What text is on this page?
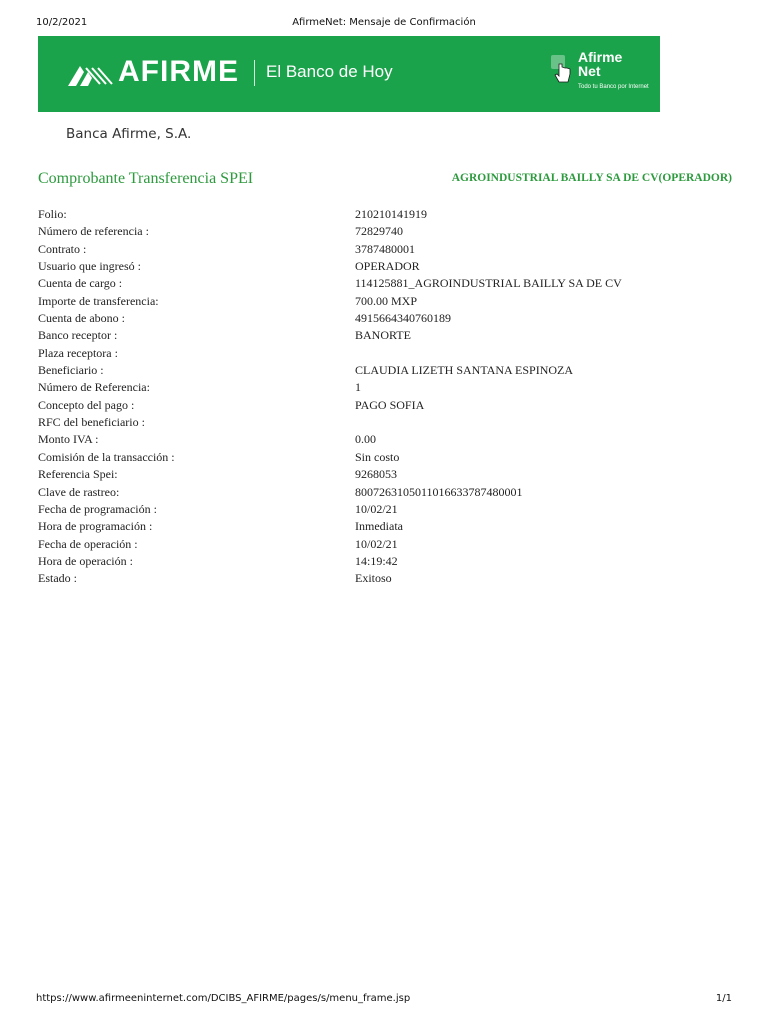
10/2/2021	AfirmeNet: Mensaje de Confirmación
AFIRME El Banco de Hoy
Afirme
Net
Todo tu Banco por Internet
Banca Afirme, S.A.
Comprobante Transferencia SPEI	AGROINDUSTRIAL BAILLY SA DE CV(OPERADOR)
Folio:	210210141919
Número de referencia :	72829740
Contrato :	3787480001
Usuario que ingresó :	OPERADOR
Cuenta de cargo :	114125881_AGROINDUSTRIAL BAILLY SA DE CV
Importe de transferencia:	700.00 MXP
Cuenta de abono :	4915664340760189
Banco receptor :	BANORTE
Plaza receptora :
Beneficiario :	CLAUDIA LIZETH SANTANA ESPINOZA
Número de Referencia:	1
Concepto del pago :	PAGO SOFIA
RFC del beneficiario :
Monto IVA :	0.00
Comisión de la transacción :	Sin costo
Referencia Spei:	9268053
Clave de rastreo:	8007263105011016633787480001
Fecha de programación :	10/02/21
Hora de programación :	Inmediata
Fecha de operación :	10/02/21
Hora de operación :	14:19:42
Estado :	Exitoso
https://www.afirmeeninternet.com/DCIBS_AFIRME/pages/s/menu_frame.jsp	1/1
